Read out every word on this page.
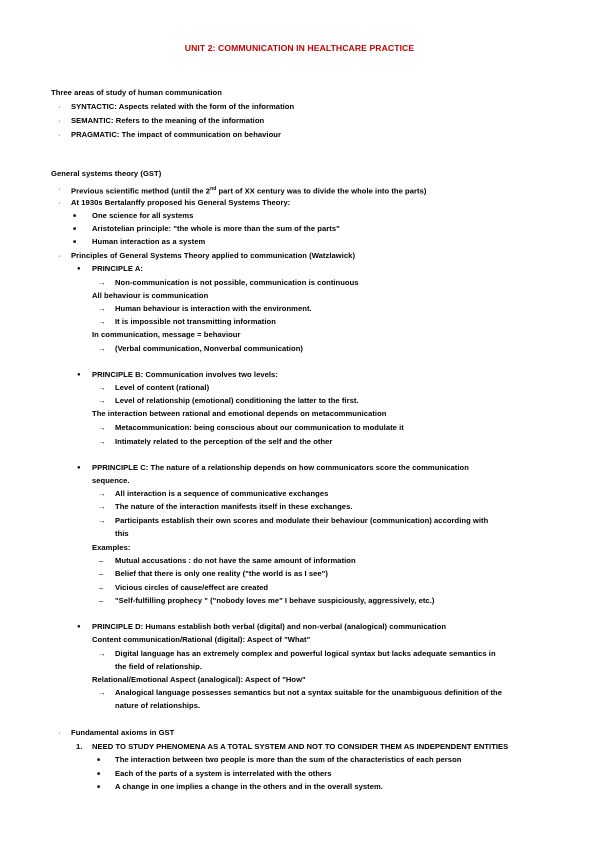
UNIT 2: COMMUNICATION IN HEALTHCARE PRACTICE
Three areas of study of human communication
· SYNTACTIC: Aspects related with the form of the information
· SEMANTIC: Refers to the meaning of the information
· PRAGMATIC: The impact of communication on behaviour
General systems theory (GST)
· Previous scientific method (until the 2nd part of XX century was to divide the whole into the parts)
· At 1930s Bertalanffy proposed his General Systems Theory:
■ One science for all systems
■ Aristotelian principle: "the whole is more than the sum of the parts"
■ Human interaction as a system
· Principles of General Systems Theory applied to communication (Watzlawick)
● PRINCIPLE A:
→ Non-communication is not possible, communication is continuous
All behaviour is communication
→ Human behaviour is interaction with the environment.
→ It is impossible not transmitting information
In communication, message = behaviour
→ (Verbal communication, Nonverbal communication)
● PRINCIPLE B: Communication involves two levels:
→ Level of content (rational)
→ Level of relationship (emotional) conditioning the latter to the first.
The interaction between rational and emotional depends on metacommunication
→ Metacommunication: being conscious about our communication to modulate it
→ Intimately related to the perception of the self and the other
● PPRINCIPLE C: The nature of a relationship depends on how communicators score the communication
sequence.
→ All interaction is a sequence of communicative exchanges
→ The nature of the interaction manifests itself in these exchanges.
→ Participants establish their own scores and modulate their behaviour (communication) according with
this
Examples:
– Mutual accusations : do not have the same amount of information
– Belief that there is only one reality ("the world is as I see")
– Vicious circles of cause/effect are created
– "Self-fulfilling prophecy " ("nobody loves me" I behave suspiciously, aggressively, etc.)
● PRINCIPLE D: Humans establish both verbal (digital) and non-verbal (analogical) communication
Content communication/Rational (digital): Aspect of "What"
→ Digital language has an extremely complex and powerful logical syntax but lacks adequate semantics in
the field of relationship.
Relational/Emotional Aspect (analogical): Aspect of "How"
→ Analogical language possesses semantics but not a syntax suitable for the unambiguous definition of the
nature of relationships.
· Fundamental axioms in GST
1. NEED TO STUDY PHENOMENA AS A TOTAL SYSTEM AND NOT TO CONSIDER THEM AS INDEPENDENT ENTITIES
■ The interaction between two people is more than the sum of the characteristics of each person
■ Each of the parts of a system is interrelated with the others
■ A change in one implies a change in the others and in the overall system.
